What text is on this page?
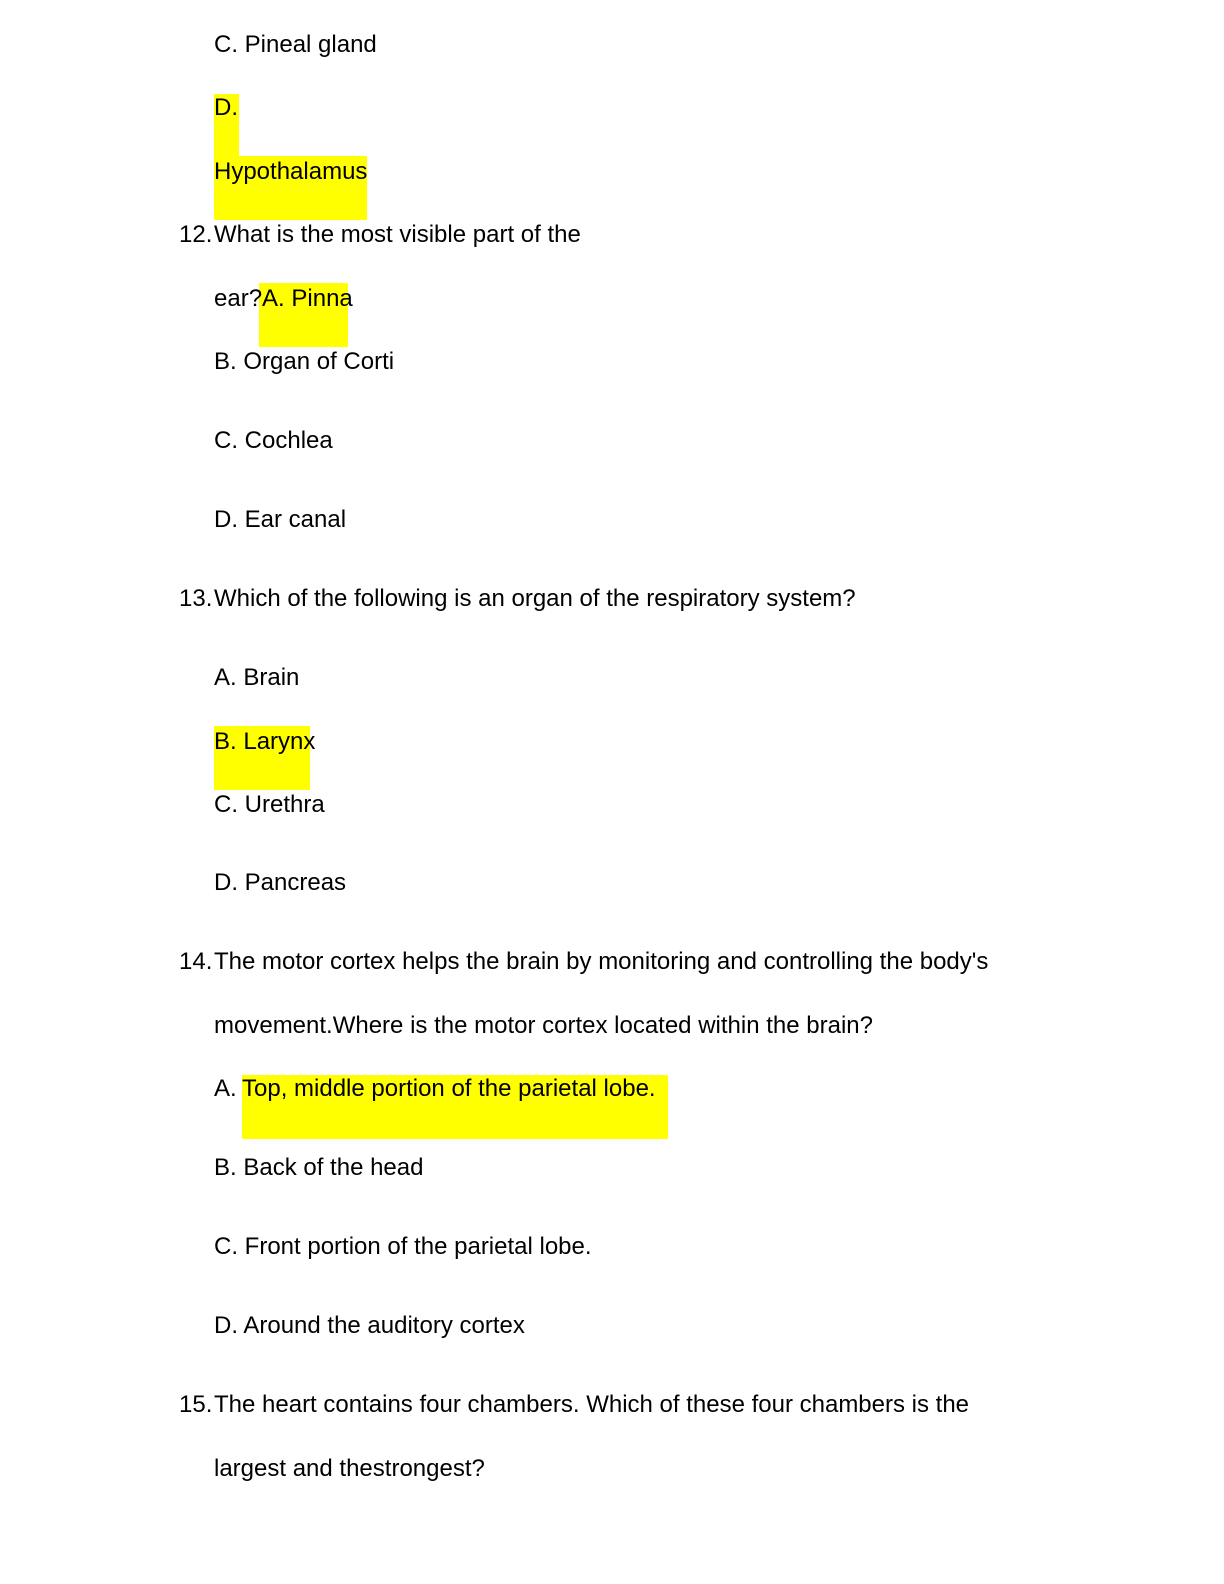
C. Pineal gland
D.
Hypothalamus
12. What is the most visible part of the
ear?A. Pinna
B. Organ of Corti
C. Cochlea
D. Ear canal
13. Which of the following is an organ of the respiratory system?
A. Brain
B. Larynx
C. Urethra
D. Pancreas
14. The motor cortex helps the brain by monitoring and controlling the body's
movement.Where is the motor cortex located within the brain?
A. Top, middle portion of the parietal lobe.
B. Back of the head
C. Front portion of the parietal lobe.
D. Around the auditory cortex
15. The heart contains four chambers. Which of these four chambers is the
largest and thestrongest?
